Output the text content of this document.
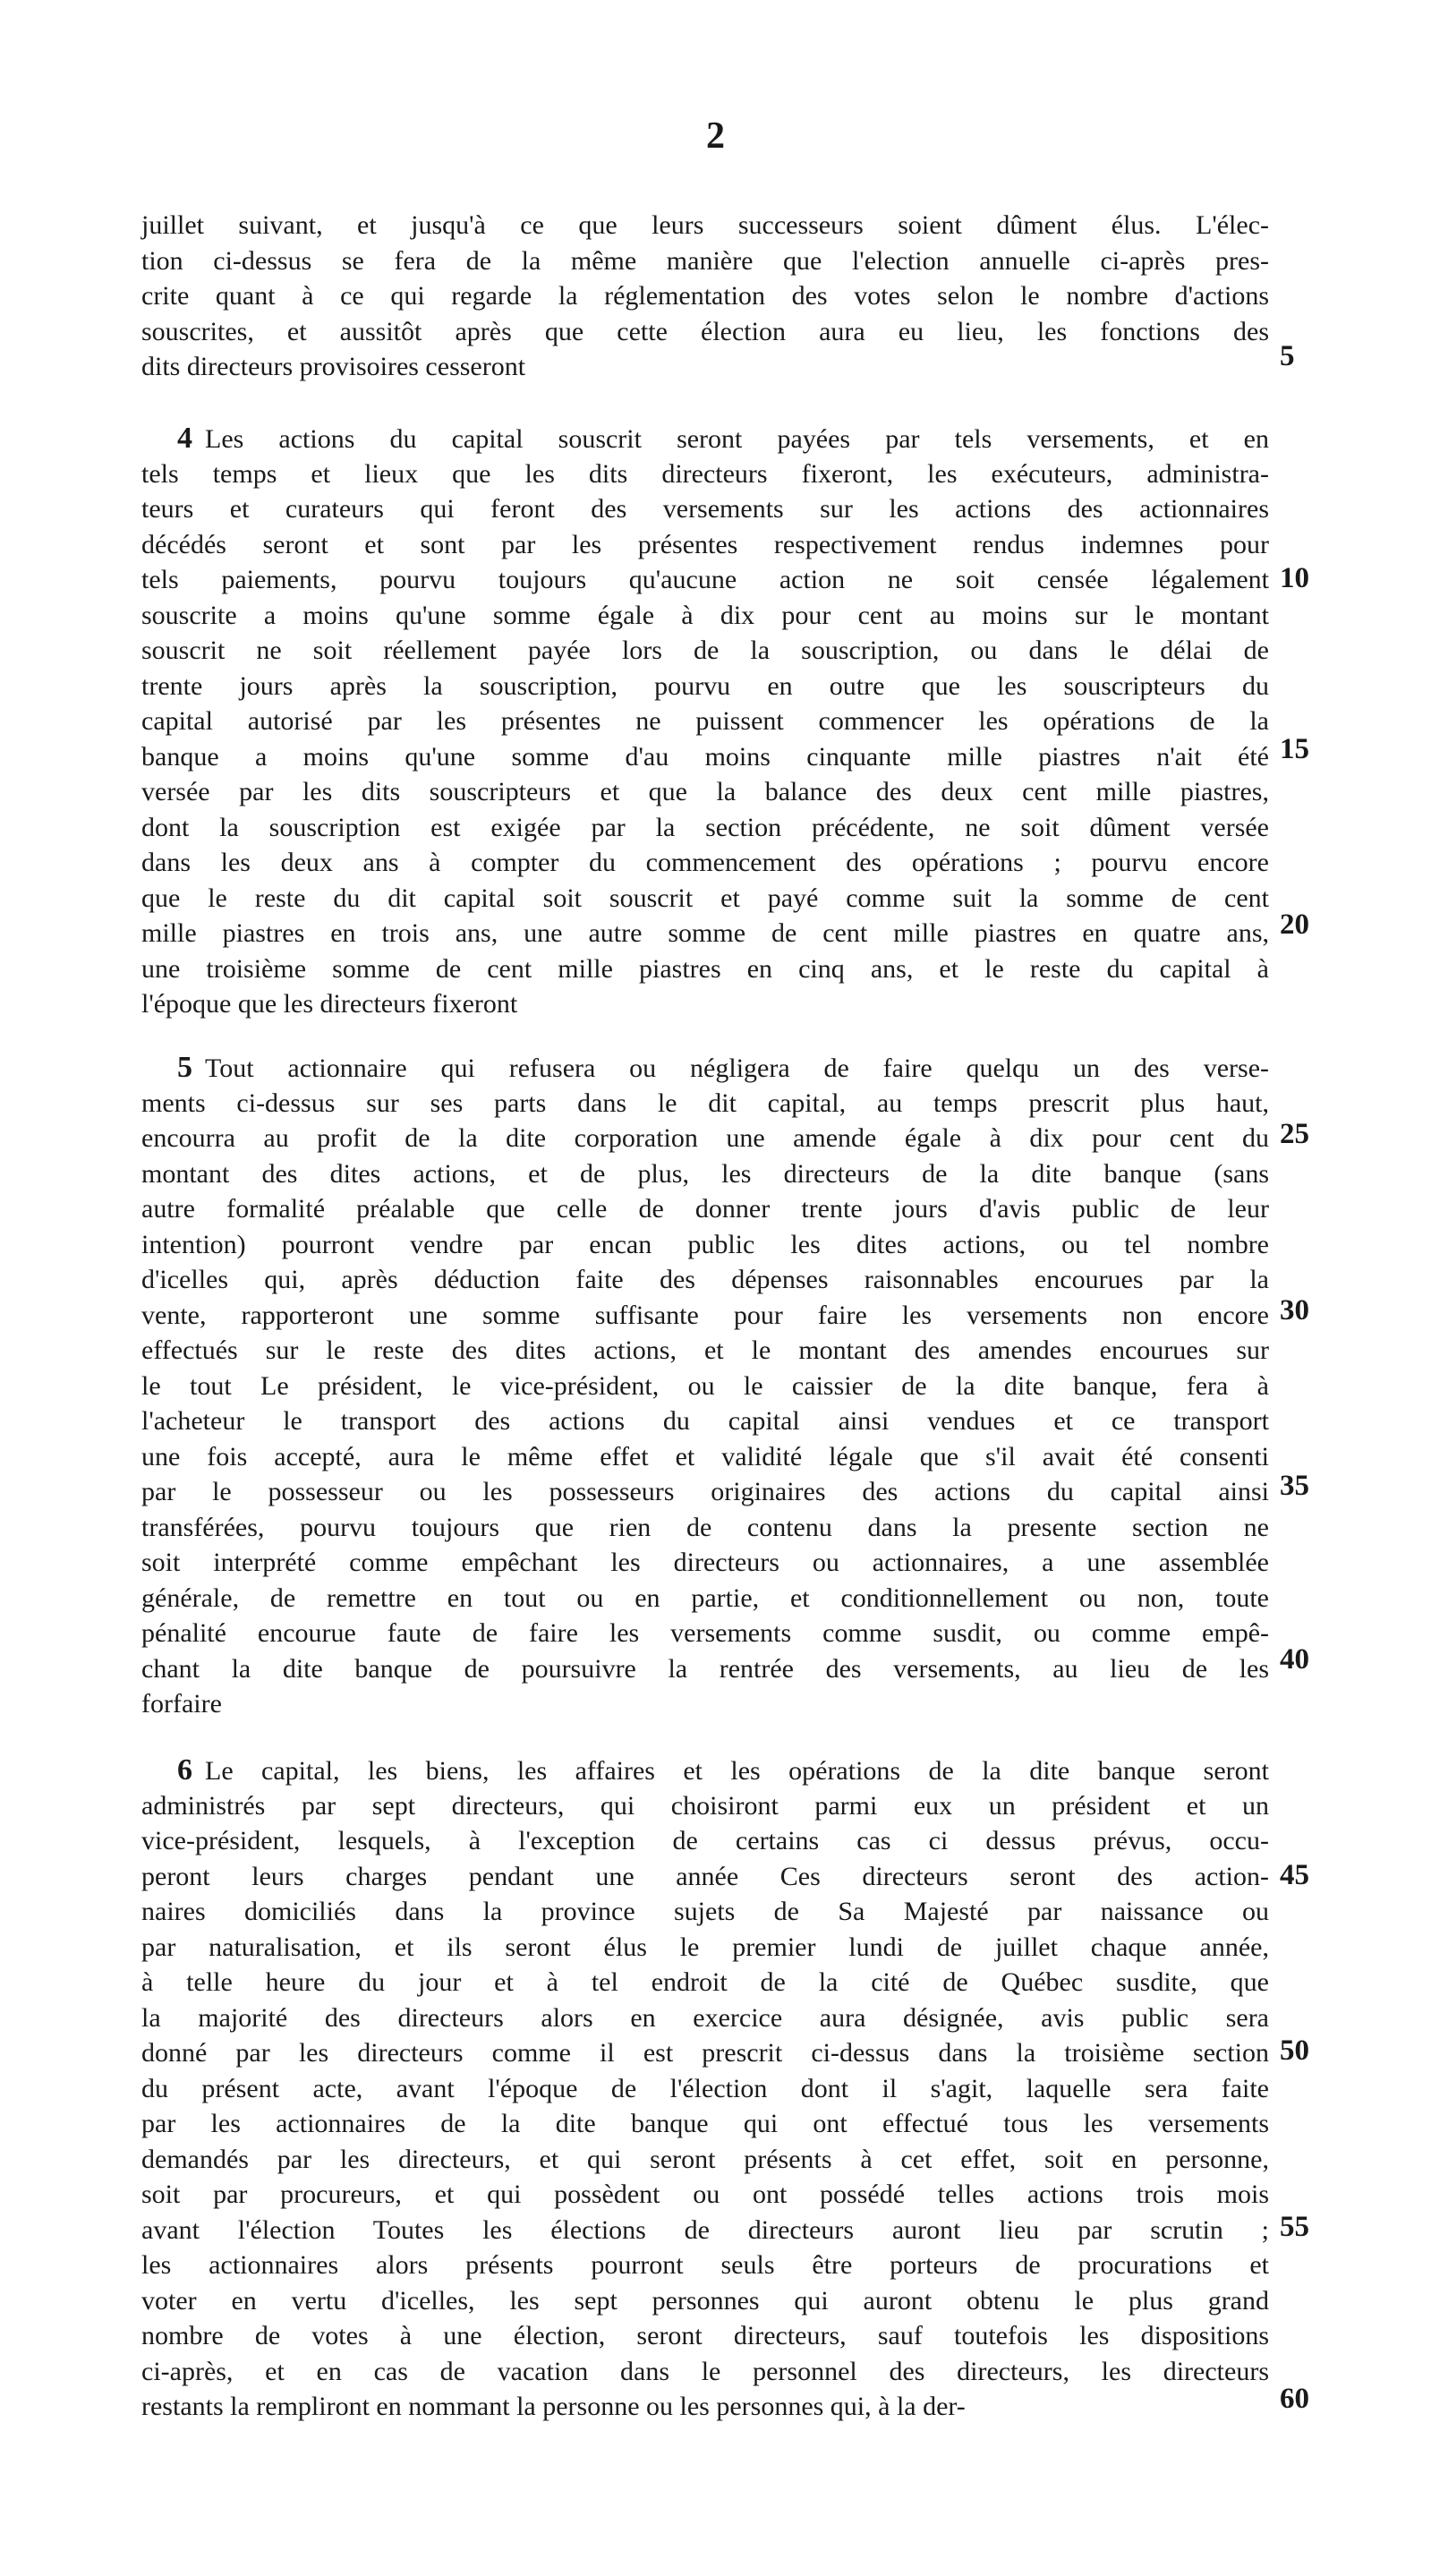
2
juillet suivant, et jusqu'à ce que leurs successeurs soient dûment élus. L'élec-
tion ci-dessus se fera de la même manière que l'election annuelle ci-après pres-
crite quant à ce qui regarde la réglementation des votes selon le nombre d'actions
souscrites, et aussitôt après que cette élection aura eu lieu, les fonctions des
dits directeurs provisoires cesseront
4 Les actions du capital souscrit seront payées par tels versements, et en
tels temps et lieux que les dits directeurs fixeront, les exécuteurs, administra-
teurs et curateurs qui feront des versements sur les actions des actionnaires
décédés seront et sont par les présentes respectivement rendus indemnes pour
tels paiements, pourvu toujours qu'aucune action ne soit censée légalement
souscrite a moins qu'une somme égale à dix pour cent au moins sur le montant
souscrit ne soit réellement payée lors de la souscription, ou dans le délai de
trente jours après la souscription, pourvu en outre que les souscripteurs du
capital autorisé par les présentes ne puissent commencer les opérations de la
banque a moins qu'une somme d'au moins cinquante mille piastres n'ait été
versée par les dits souscripteurs et que la balance des deux cent mille piastres,
dont la souscription est exigée par la section précédente, ne soit dûment versée
dans les deux ans à compter du commencement des opérations ; pourvu encore
que le reste du dit capital soit souscrit et payé comme suit la somme de cent
mille piastres en trois ans, une autre somme de cent mille piastres en quatre ans,
une troisième somme de cent mille piastres en cinq ans, et le reste du capital à
l'époque que les directeurs fixeront
5 Tout actionnaire qui refusera ou négligera de faire quelqu un des verse-
ments ci-dessus sur ses parts dans le dit capital, au temps prescrit plus haut,
encourra au profit de la dite corporation une amende égale à dix pour cent du
montant des dites actions, et de plus, les directeurs de la dite banque (sans
autre formalité préalable que celle de donner trente jours d'avis public de leur
intention) pourront vendre par encan public les dites actions, ou tel nombre
d'icelles qui, après déduction faite des dépenses raisonnables encourues par la
vente, rapporteront une somme suffisante pour faire les versements non encore
effectués sur le reste des dites actions, et le montant des amendes encourues sur
le tout Le président, le vice-président, ou le caissier de la dite banque, fera à
l'acheteur le transport des actions du capital ainsi vendues et ce transport
une fois accepté, aura le même effet et validité légale que s'il avait été consenti
par le possesseur ou les possesseurs originaires des actions du capital ainsi
transférées, pourvu toujours que rien de contenu dans la presente section ne
soit interprété comme empêchant les directeurs ou actionnaires, a une assemblée
générale, de remettre en tout ou en partie, et conditionnellement ou non, toute
pénalité encourue faute de faire les versements comme susdit, ou comme empê-
chant la dite banque de poursuivre la rentrée des versements, au lieu de les
forfaire
6 Le capital, les biens, les affaires et les opérations de la dite banque seront
administrés par sept directeurs, qui choisiront parmi eux un président et un
vice-président, lesquels, à l'exception de certains cas ci dessus prévus, occu-
peront leurs charges pendant une année Ces directeurs seront des action-
naires domiciliés dans la province sujets de Sa Majesté par naissance ou
par naturalisation, et ils seront élus le premier lundi de juillet chaque année,
à telle heure du jour et à tel endroit de la cité de Québec susdite, que
la majorité des directeurs alors en exercice aura désignée, avis public sera
donné par les directeurs comme il est prescrit ci-dessus dans la troisième section
du présent acte, avant l'époque de l'élection dont il s'agit, laquelle sera faite
par les actionnaires de la dite banque qui ont effectué tous les versements
demandés par les directeurs, et qui seront présents à cet effet, soit en personne,
soit par procureurs, et qui possèdent ou ont possédé telles actions trois mois
avant l'élection Toutes les élections de directeurs auront lieu par scrutin ;
les actionnaires alors présents pourront seuls être porteurs de procurations et
voter en vertu d'icelles, les sept personnes qui auront obtenu le plus grand
nombre de votes à une élection, seront directeurs, sauf toutefois les dispositions
ci-après, et en cas de vacation dans le personnel des directeurs, les directeurs
restants la rempliront en nommant la personne ou les personnes qui, à la der-
5
10
15
20
25
30
35
40
45
50
55
60
